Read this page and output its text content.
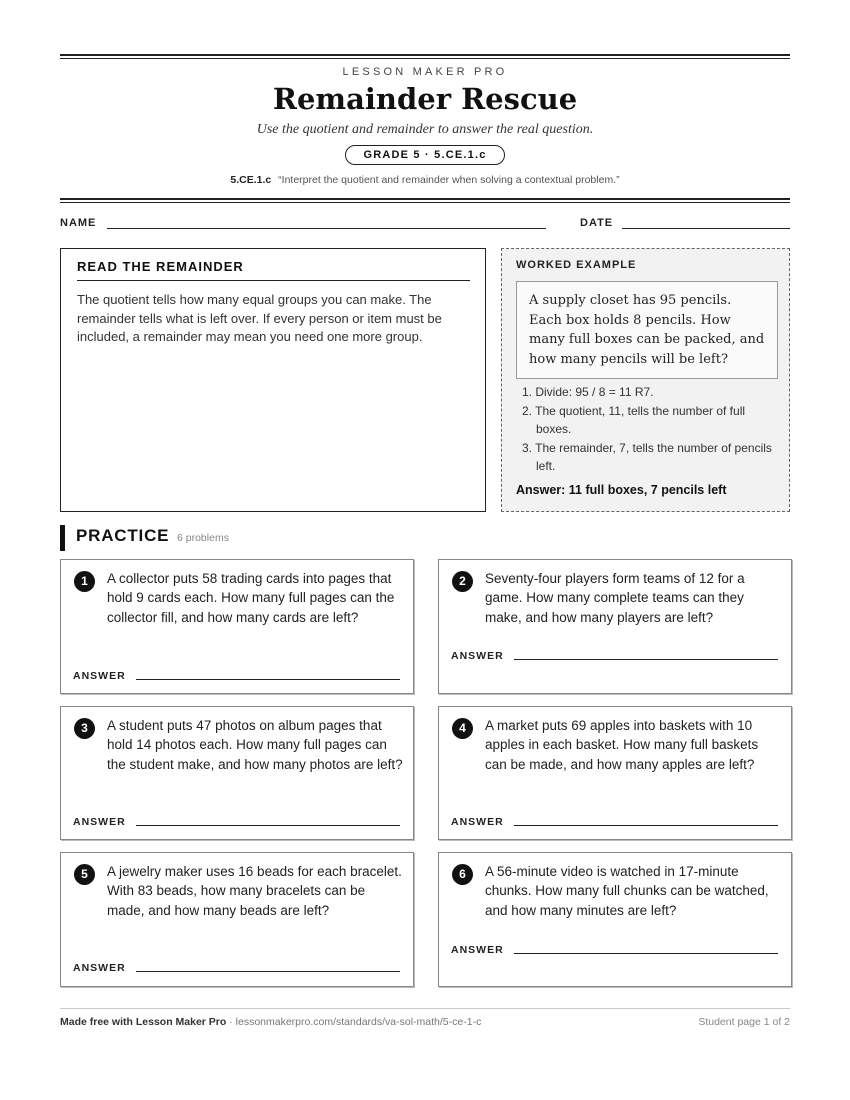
LESSON MAKER PRO
Remainder Rescue
Use the quotient and remainder to answer the real question.
GRADE 5 · 5.CE.1.c
5.CE.1.c “Interpret the quotient and remainder when solving a contextual problem.”
NAME	DATE
READ THE REMAINDER
The quotient tells how many equal groups you can make. The remainder tells what is left over. If every person or item must be included, a remainder may mean you need one more group.
WORKED EXAMPLE
A supply closet has 95 pencils. Each box holds 8 pencils. How many full boxes can be packed, and how many pencils will be left?
1. Divide: 95 / 8 = 11 R7.
2. The quotient, 11, tells the number of full boxes.
3. The remainder, 7, tells the number of pencils left.
Answer: 11 full boxes, 7 pencils left
PRACTICE 6 problems
1	A collector puts 58 trading cards into pages that hold 9 cards each. How many full pages can the collector fill, and how many cards are left?
ANSWER
2	Seventy-four players form teams of 12 for a game. How many complete teams can they make, and how many players are left?
ANSWER
3	A student puts 47 photos on album pages that hold 14 photos each. How many full pages can the student make, and how many photos are left?
ANSWER
4	A market puts 69 apples into baskets with 10 apples in each basket. How many full baskets can be made, and how many apples are left?
ANSWER
5	A jewelry maker uses 16 beads for each bracelet. With 83 beads, how many bracelets can be made, and how many beads are left?
ANSWER
6	A 56-minute video is watched in 17-minute chunks. How many full chunks can be watched, and how many minutes are left?
ANSWER
Made free with Lesson Maker Pro · lessonmakerpro.com/standards/va-sol-math/5-ce-1-c	Student page 1 of 2
